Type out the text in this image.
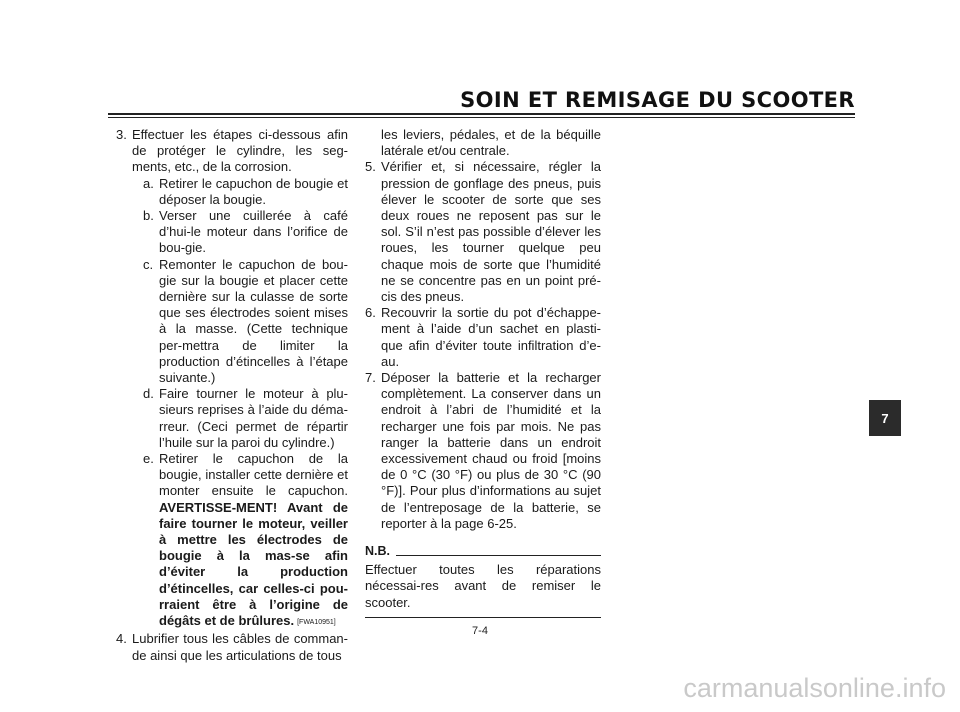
SOIN ET REMISAGE DU SCOOTER
3. Effectuer les étapes ci-dessous afin de protéger le cylindre, les seg-ments, etc., de la corrosion.
a. Retirer le capuchon de bougie et déposer la bougie.
b. Verser une cuillerée à café d’hui-le moteur dans l’orifice de bou-gie.
c. Remonter le capuchon de bou-gie sur la bougie et placer cette dernière sur la culasse de sorte que ses électrodes soient mises à la masse. (Cette technique per-mettra de limiter la production d’étincelles à l’étape suivante.)
d. Faire tourner le moteur à plu-sieurs reprises à l’aide du déma-rreur. (Ceci permet de répartir l’huile sur la paroi du cylindre.)
e. Retirer le capuchon de la bougie, installer cette dernière et monter ensuite le capuchon. AVERTISSE-MENT! Avant de faire tourner le moteur, veiller à mettre les électrodes de bougie à la mas-se afin d’éviter la production d’étincelles, car celles-ci pou-rraient être à l’origine de dégâts et de brûlures. [FWA10951]
4. Lubrifier tous les câbles de comman-de ainsi que les articulations de tous
les leviers, pédales, et de la béquille latérale et/ou centrale.
5. Vérifier et, si nécessaire, régler la pression de gonflage des pneus, puis élever le scooter de sorte que ses deux roues ne reposent pas sur le sol. S’il n’est pas possible d’élever les roues, les tourner quelque peu chaque mois de sorte que l’humidité ne se concentre pas en un point pré-cis des pneus.
6. Recouvrir la sortie du pot d’échappe-ment à l’aide d’un sachet en plasti-que afin d’éviter toute infiltration d’e-au.
7. Déposer la batterie et la recharger complètement. La conserver dans un endroit à l’abri de l’humidité et la recharger une fois par mois. Ne pas ranger la batterie dans un endroit excessivement chaud ou froid [moins de 0 °C (30 °F) ou plus de 30 °C (90 °F)]. Pour plus d’informations au sujet de l’entreposage de la batterie, se reporter à la page 6-25.
N.B.
Effectuer toutes les réparations nécessai-res avant de remiser le scooter.
7
7-4
carmanualsonline.info
